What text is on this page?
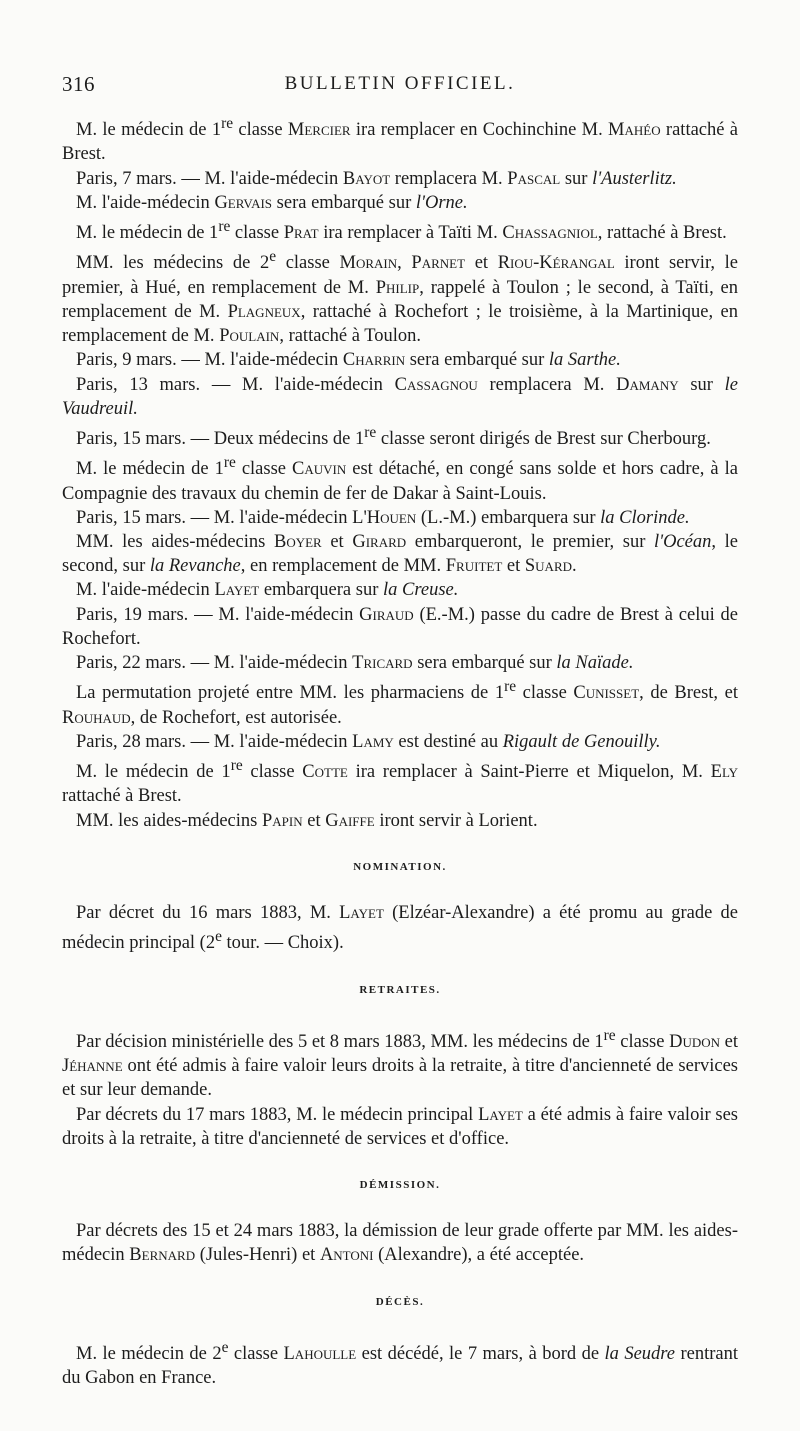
316	BULLETIN OFFICIEL.

M. le médecin de 1re classe Mercier ira remplacer en Cochinchine M. Mahéo rattaché à Brest.

Paris, 7 mars. — M. l'aide-médecin Bayot remplacera M. Pascal sur l'Austerlitz.

M. l'aide-médecin Gervais sera embarqué sur l'Orne.

M. le médecin de 1re classe Prat ira remplacer à Taïti M. Chassagniol, rattaché à Brest.

MM. les médecins de 2e classe Morain, Parnet et Riou-Kérangal iront servir, le premier, à Hué, en remplacement de M. Philip, rappelé à Toulon ; le second, à Taïti, en remplacement de M. Plagneux, rattaché à Rochefort ; le troisième, à la Martinique, en remplacement de M. Poulain, rattaché à Toulon.

Paris, 9 mars. — M. l'aide-médecin Charrin sera embarqué sur la Sarthe.

Paris, 13 mars. — M. l'aide-médecin Cassagnou remplacera M. Damany sur le Vaudreuil.

Paris, 15 mars. — Deux médecins de 1re classe seront dirigés de Brest sur Cherbourg.

M. le médecin de 1re classe Cauvin est détaché, en congé sans solde et hors cadre, à la Compagnie des travaux du chemin de fer de Dakar à Saint-Louis.

Paris, 15 mars. — M. l'aide-médecin L'Houen (L.-M.) embarquera sur la Clorinde.

MM. les aides-médecins Boyer et Girard embarqueront, le premier, sur l'Océan, le second, sur la Revanche, en remplacement de MM. Fruitet et Suard.

M. l'aide-médecin Layet embarquera sur la Creuse.

Paris, 19 mars. — M. l'aide-médecin Giraud (E.-M.) passe du cadre de Brest à celui de Rochefort.

Paris, 22 mars. — M. l'aide-médecin Tricard sera embarqué sur la Naïade.

La permutation projeté entre MM. les pharmaciens de 1re classe Cunisset, de Brest, et Rouhaud, de Rochefort, est autorisée.

Paris, 28 mars. — M. l'aide-médecin Lamy est destiné au Rigault de Genouilly.

M. le médecin de 1re classe Cotte ira remplacer à Saint-Pierre et Miquelon, M. Ely rattaché à Brest.

MM. les aides-médecins Papin et Gaiffe iront servir à Lorient.

NOMINATION.

Par décret du 16 mars 1883, M. Layet (Elzéar-Alexandre) a été promu au grade de médecin principal (2e tour. — Choix).

RETRAITES.

Par décision ministérielle des 5 et 8 mars 1883, MM. les médecins de 1re classe Dudon et Jéhanne ont été admis à faire valoir leurs droits à la retraite, à titre d'ancienneté de services et sur leur demande.

Par décrets du 17 mars 1883, M. le médecin principal Layet a été admis à faire valoir ses droits à la retraite, à titre d'ancienneté de services et d'office.

DÉMISSION.

Par décrets des 15 et 24 mars 1883, la démission de leur grade offerte par MM. les aides-médecin Bernard (Jules-Henri) et Antoni (Alexandre), a été acceptée.

DÉCÈS.

M. le médecin de 2e classe Lahoulle est décédé, le 7 mars, à bord de la Seudre rentrant du Gabon en France.
